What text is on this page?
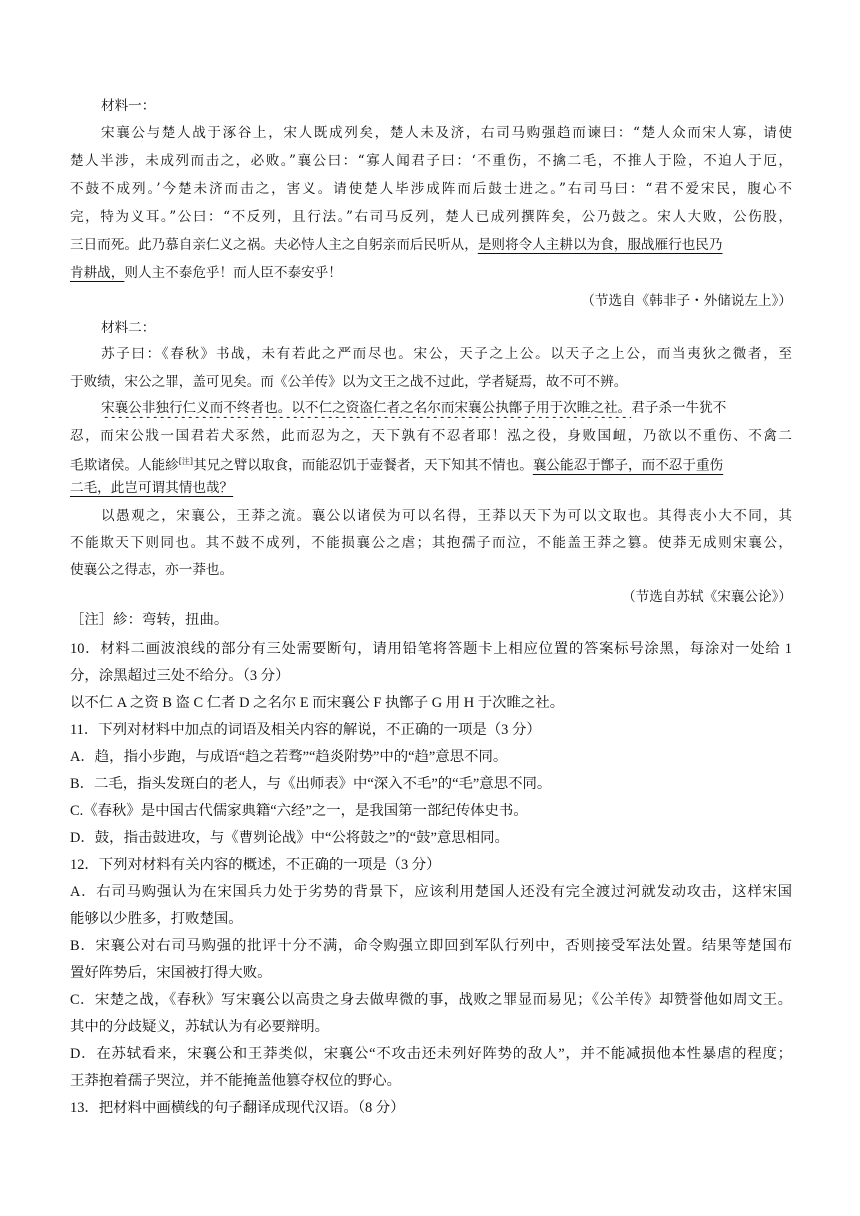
材料一：
宋襄公与楚人战于涿谷上，宋人既成列矣，楚人未及济，右司马购强趋而谏曰：“楚人众而宋人寡，请使
楚人半涉，未成列而击之，必败。”襄公曰：“寡人闻君子曰：‘不重伤，不擒二毛，不推人于险，不迫人于厄，
不鼓不成列。’今楚未济而击之，害义。请使楚人毕涉成阵而后鼓士进之。”右司马曰：“君不爱宋民，腹心不
完，特为义耳。”公曰：“不反列，且行法。”右司马反列，楚人已成列撰阵矣，公乃鼓之。宋人大败，公伤股，
三日而死。此乃慕自亲仁义之祸。夫必恃人主之自躬亲而后民听从，是则将令人主耕以为食，服战雁行也民乃
肯耕战，则人主不泰危乎！而人臣不泰安乎！
（节选自《韩非子・外储说左上》）
材料二：
苏子曰：《春秋》书战，未有若此之严而尽也。宋公，天子之上公。以天子之上公，而当夷狄之微者，至
于败绩，宋公之罪，盖可见矣。而《公羊传》以为文王之战不过此，学者疑焉，故不可不辨。
宋襄公非独行仁义而不终者也。以不仁之资盗仁者之名尔而宋襄公执鄫子用于次睢之社。君子杀一牛犹不
忍，而宋公戕一国君若犬豕然，此而忍为之，天下孰有不忍者耶！泓之役，身败国衄，乃欲以不重伤、不禽二
毛欺诸侯。人能紾[注]其兄之臂以取食，而能忍饥于壶餐者，天下知其不情也。襄公能忍于鄫子，而不忍于重伤
二毛，此岂可谓其情也哉？
以愚观之，宋襄公，王莽之流。襄公以诸侯为可以名得，王莽以天下为可以文取也。其得丧小大不同，其
不能欺天下则同也。其不鼓不成列，不能损襄公之虐；其抱孺子而泣，不能盖王莽之篡。使莽无成则宋襄公，
使襄公之得志，亦一莽也。
（节选自苏轼《宋襄公论》）
［注］紾：弯转，扭曲。
10．材料二画波浪线的部分有三处需要断句，请用铅笔将答题卡上相应位置的答案标号涂黑，每涂对一处给 1
分，涂黑超过三处不给分。（3 分）
以不仁 A 之资 B 盗 C 仁者 D 之名尔 E 而宋襄公 F 执鄫子 G 用 H 于次睢之社。
11．下列对材料中加点的词语及相关内容的解说，不正确的一项是（3 分）
A．趋，指小步跑，与成语“趋之若骛”“趋炎附势”中的“趋”意思不同。
B．二毛，指头发斑白的老人，与《出师表》中“深入不毛”的“毛”意思不同。
C.《春秋》是中国古代儒家典籍“六经”之一，是我国第一部纪传体史书。
D．鼓，指击鼓进攻，与《曹刿论战》中“公将鼓之”的“鼓”意思相同。
12．下列对材料有关内容的概述，不正确的一项是（3 分）
A．右司马购强认为在宋国兵力处于劣势的背景下，应该利用楚国人还没有完全渡过河就发动攻击，这样宋国
能够以少胜多，打败楚国。
B．宋襄公对右司马购强的批评十分不满，命令购强立即回到军队行列中，否则接受军法处置。结果等楚国布
置好阵势后，宋国被打得大败。
C．宋楚之战，《春秋》写宋襄公以高贵之身去做卑微的事，战败之罪显而易见；《公羊传》却赞誉他如周文王。
其中的分歧疑义，苏轼认为有必要辩明。
D．在苏轼看来，宋襄公和王莽类似，宋襄公“不攻击还未列好阵势的敌人”，并不能减损他本性暴虐的程度；
王莽抱着孺子哭泣，并不能掩盖他篡夺权位的野心。
13．把材料中画横线的句子翻译成现代汉语。（8 分）
